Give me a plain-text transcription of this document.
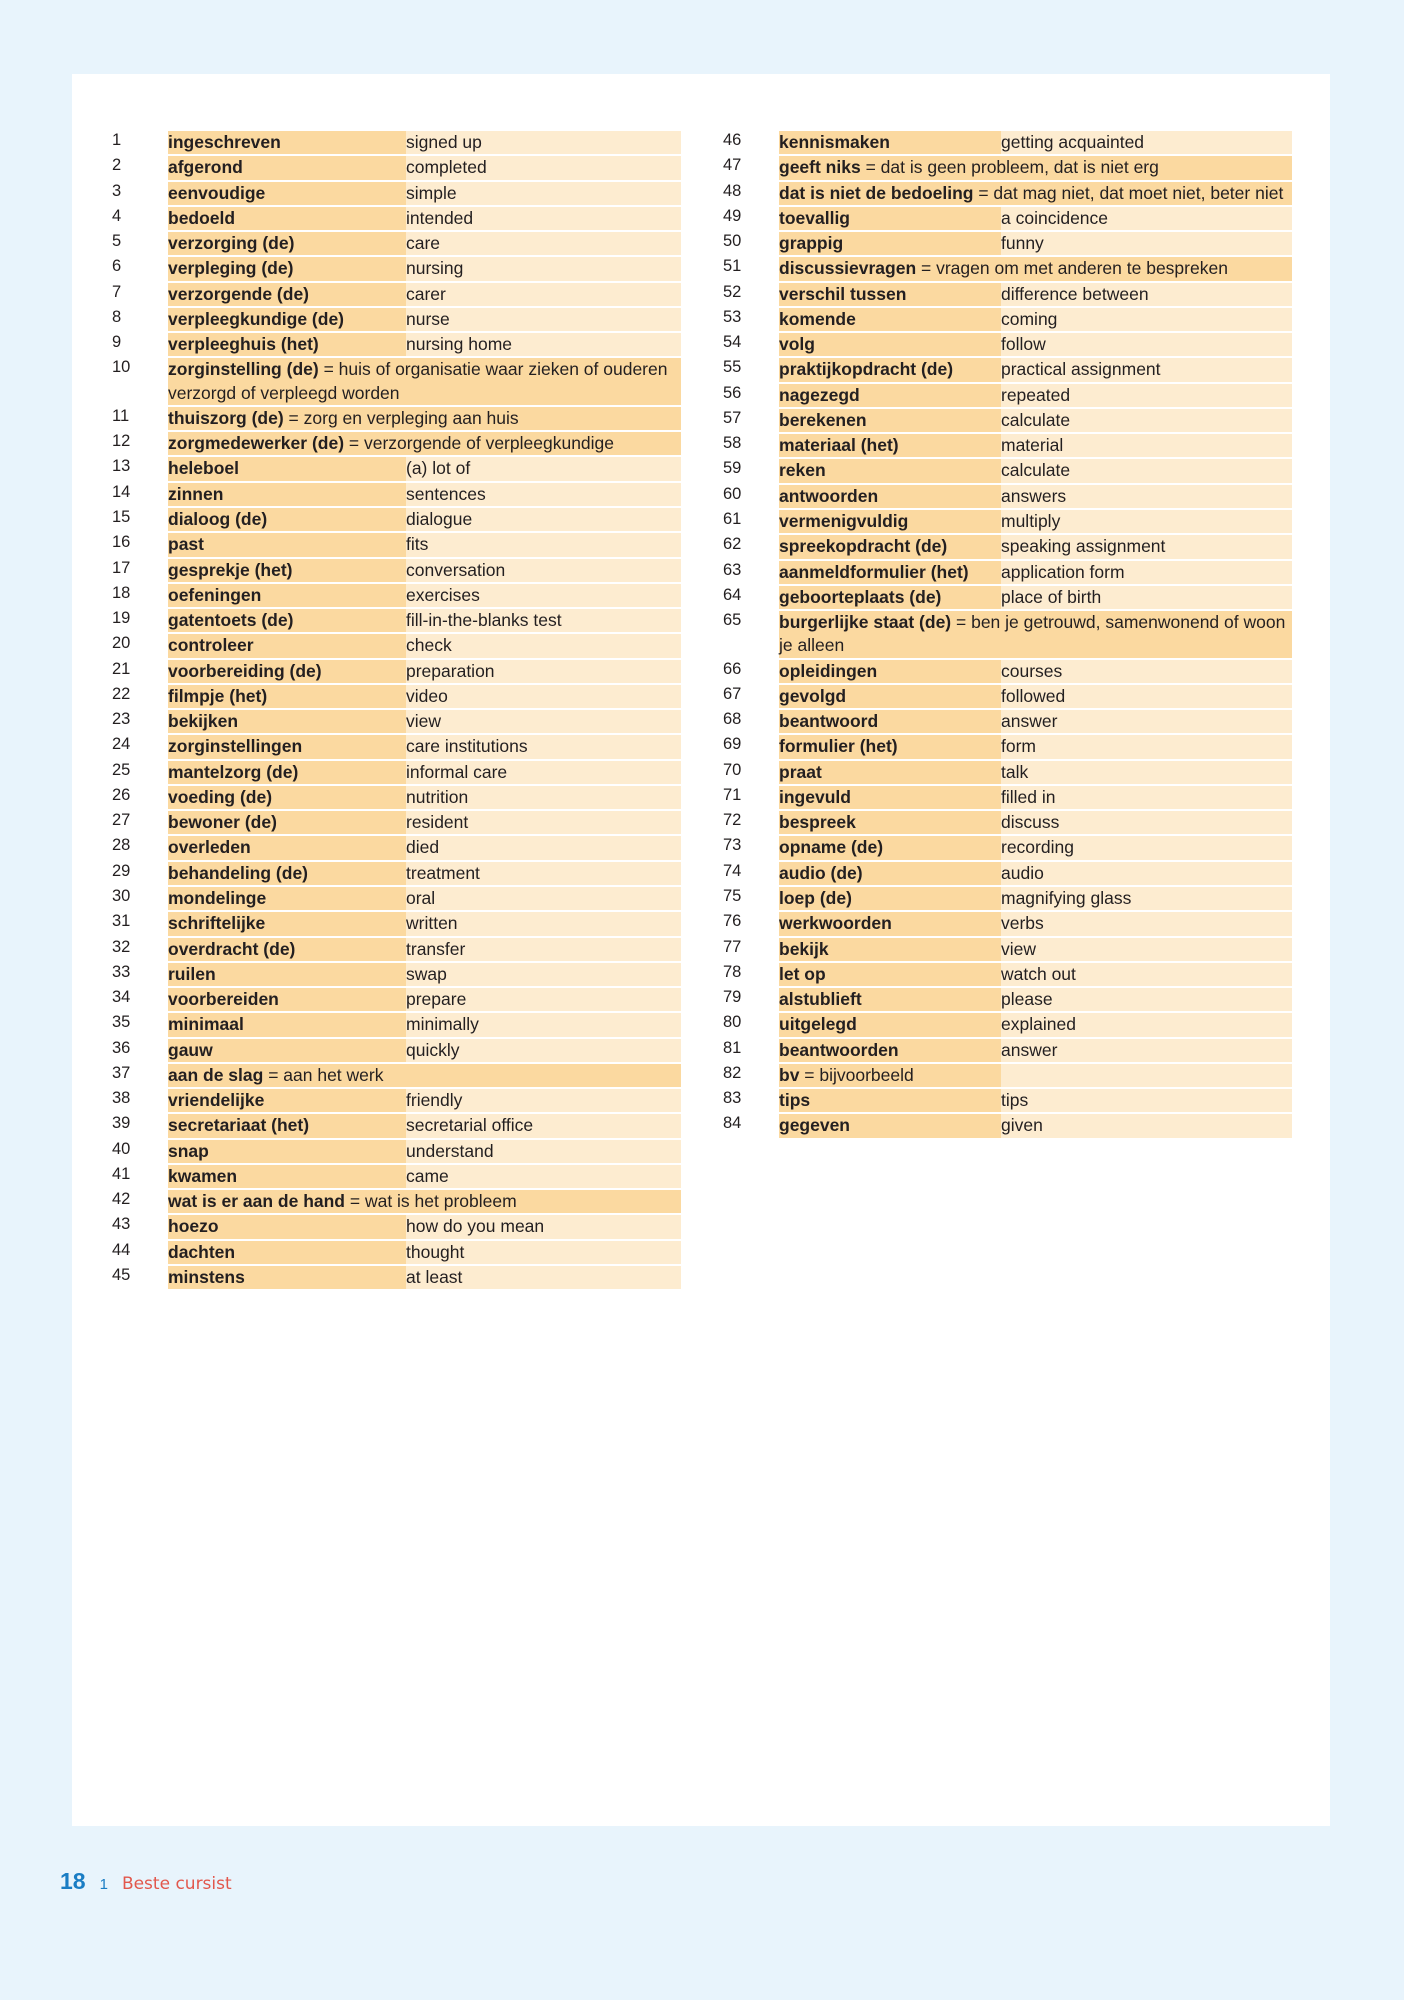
1	ingeschreven	signed up
2	afgerond	completed
3	eenvoudige	simple
4	bedoeld	intended
5	verzorging (de)	care
6	verpleging (de)	nursing
7	verzorgende (de)	carer
8	verpleegkundige (de)	nurse
9	verpleeghuis (het)	nursing home
10	zorginstelling (de) = huis of organisatie waar zieken of ouderen verzorgd of verpleegd worden	
11	thuiszorg (de) = zorg en verpleging aan huis	
12	zorgmedewerker (de) = verzorgende of verpleegkundige	
13	heleboel	(a) lot of
14	zinnen	sentences
15	dialoog (de)	dialogue
16	past	fits
17	gesprekje (het)	conversation
18	oefeningen	exercises
19	gatentoets (de)	fill-in-the-blanks test
20	controleer	check
21	voorbereiding (de)	preparation
22	filmpje (het)	video
23	bekijken	view
24	zorginstellingen	care institutions
25	mantelzorg (de)	informal care
26	voeding (de)	nutrition
27	bewoner (de)	resident
28	overleden	died
29	behandeling (de)	treatment
30	mondelinge	oral
31	schriftelijke	written
32	overdracht (de)	transfer
33	ruilen	swap
34	voorbereiden	prepare
35	minimaal	minimally
36	gauw	quickly
37	aan de slag = aan het werk	
38	vriendelijke	friendly
39	secretariaat (het)	secretarial office
40	snap	understand
41	kwamen	came
42	wat is er aan de hand = wat is het probleem	
43	hoezo	how do you mean
44	dachten	thought
45	minstens	at least
46	kennismaken	getting acquainted
47	geeft niks = dat is geen probleem, dat is niet erg	
48	dat is niet de bedoeling = dat mag niet, dat moet niet, beter niet	
49	toevallig	a coincidence
50	grappig	funny
51	discussievragen = vragen om met anderen te bespreken	
52	verschil tussen	difference between
53	komende	coming
54	volg	follow
55	praktijkopdracht (de)	practical assignment
56	nagezegd	repeated
57	berekenen	calculate
58	materiaal (het)	material
59	reken	calculate
60	antwoorden	answers
61	vermenigvuldig	multiply
62	spreekopdracht (de)	speaking assignment
63	aanmeldformulier (het)	application form
64	geboorteplaats (de)	place of birth
65	burgerlijke staat (de) = ben je getrouwd, samenwonend of woon je alleen	
66	opleidingen	courses
67	gevolgd	followed
68	beantwoord	answer
69	formulier (het)	form
70	praat	talk
71	ingevuld	filled in
72	bespreek	discuss
73	opname (de)	recording
74	audio (de)	audio
75	loep (de)	magnifying glass
76	werkwoorden	verbs
77	bekijk	view
78	let op	watch out
79	alstublieft	please
80	uitgelegd	explained
81	beantwoorden	answer
82	bv = bijvoorbeeld	
83	tips	tips
84	gegeven	given
18 1 Beste cursist
